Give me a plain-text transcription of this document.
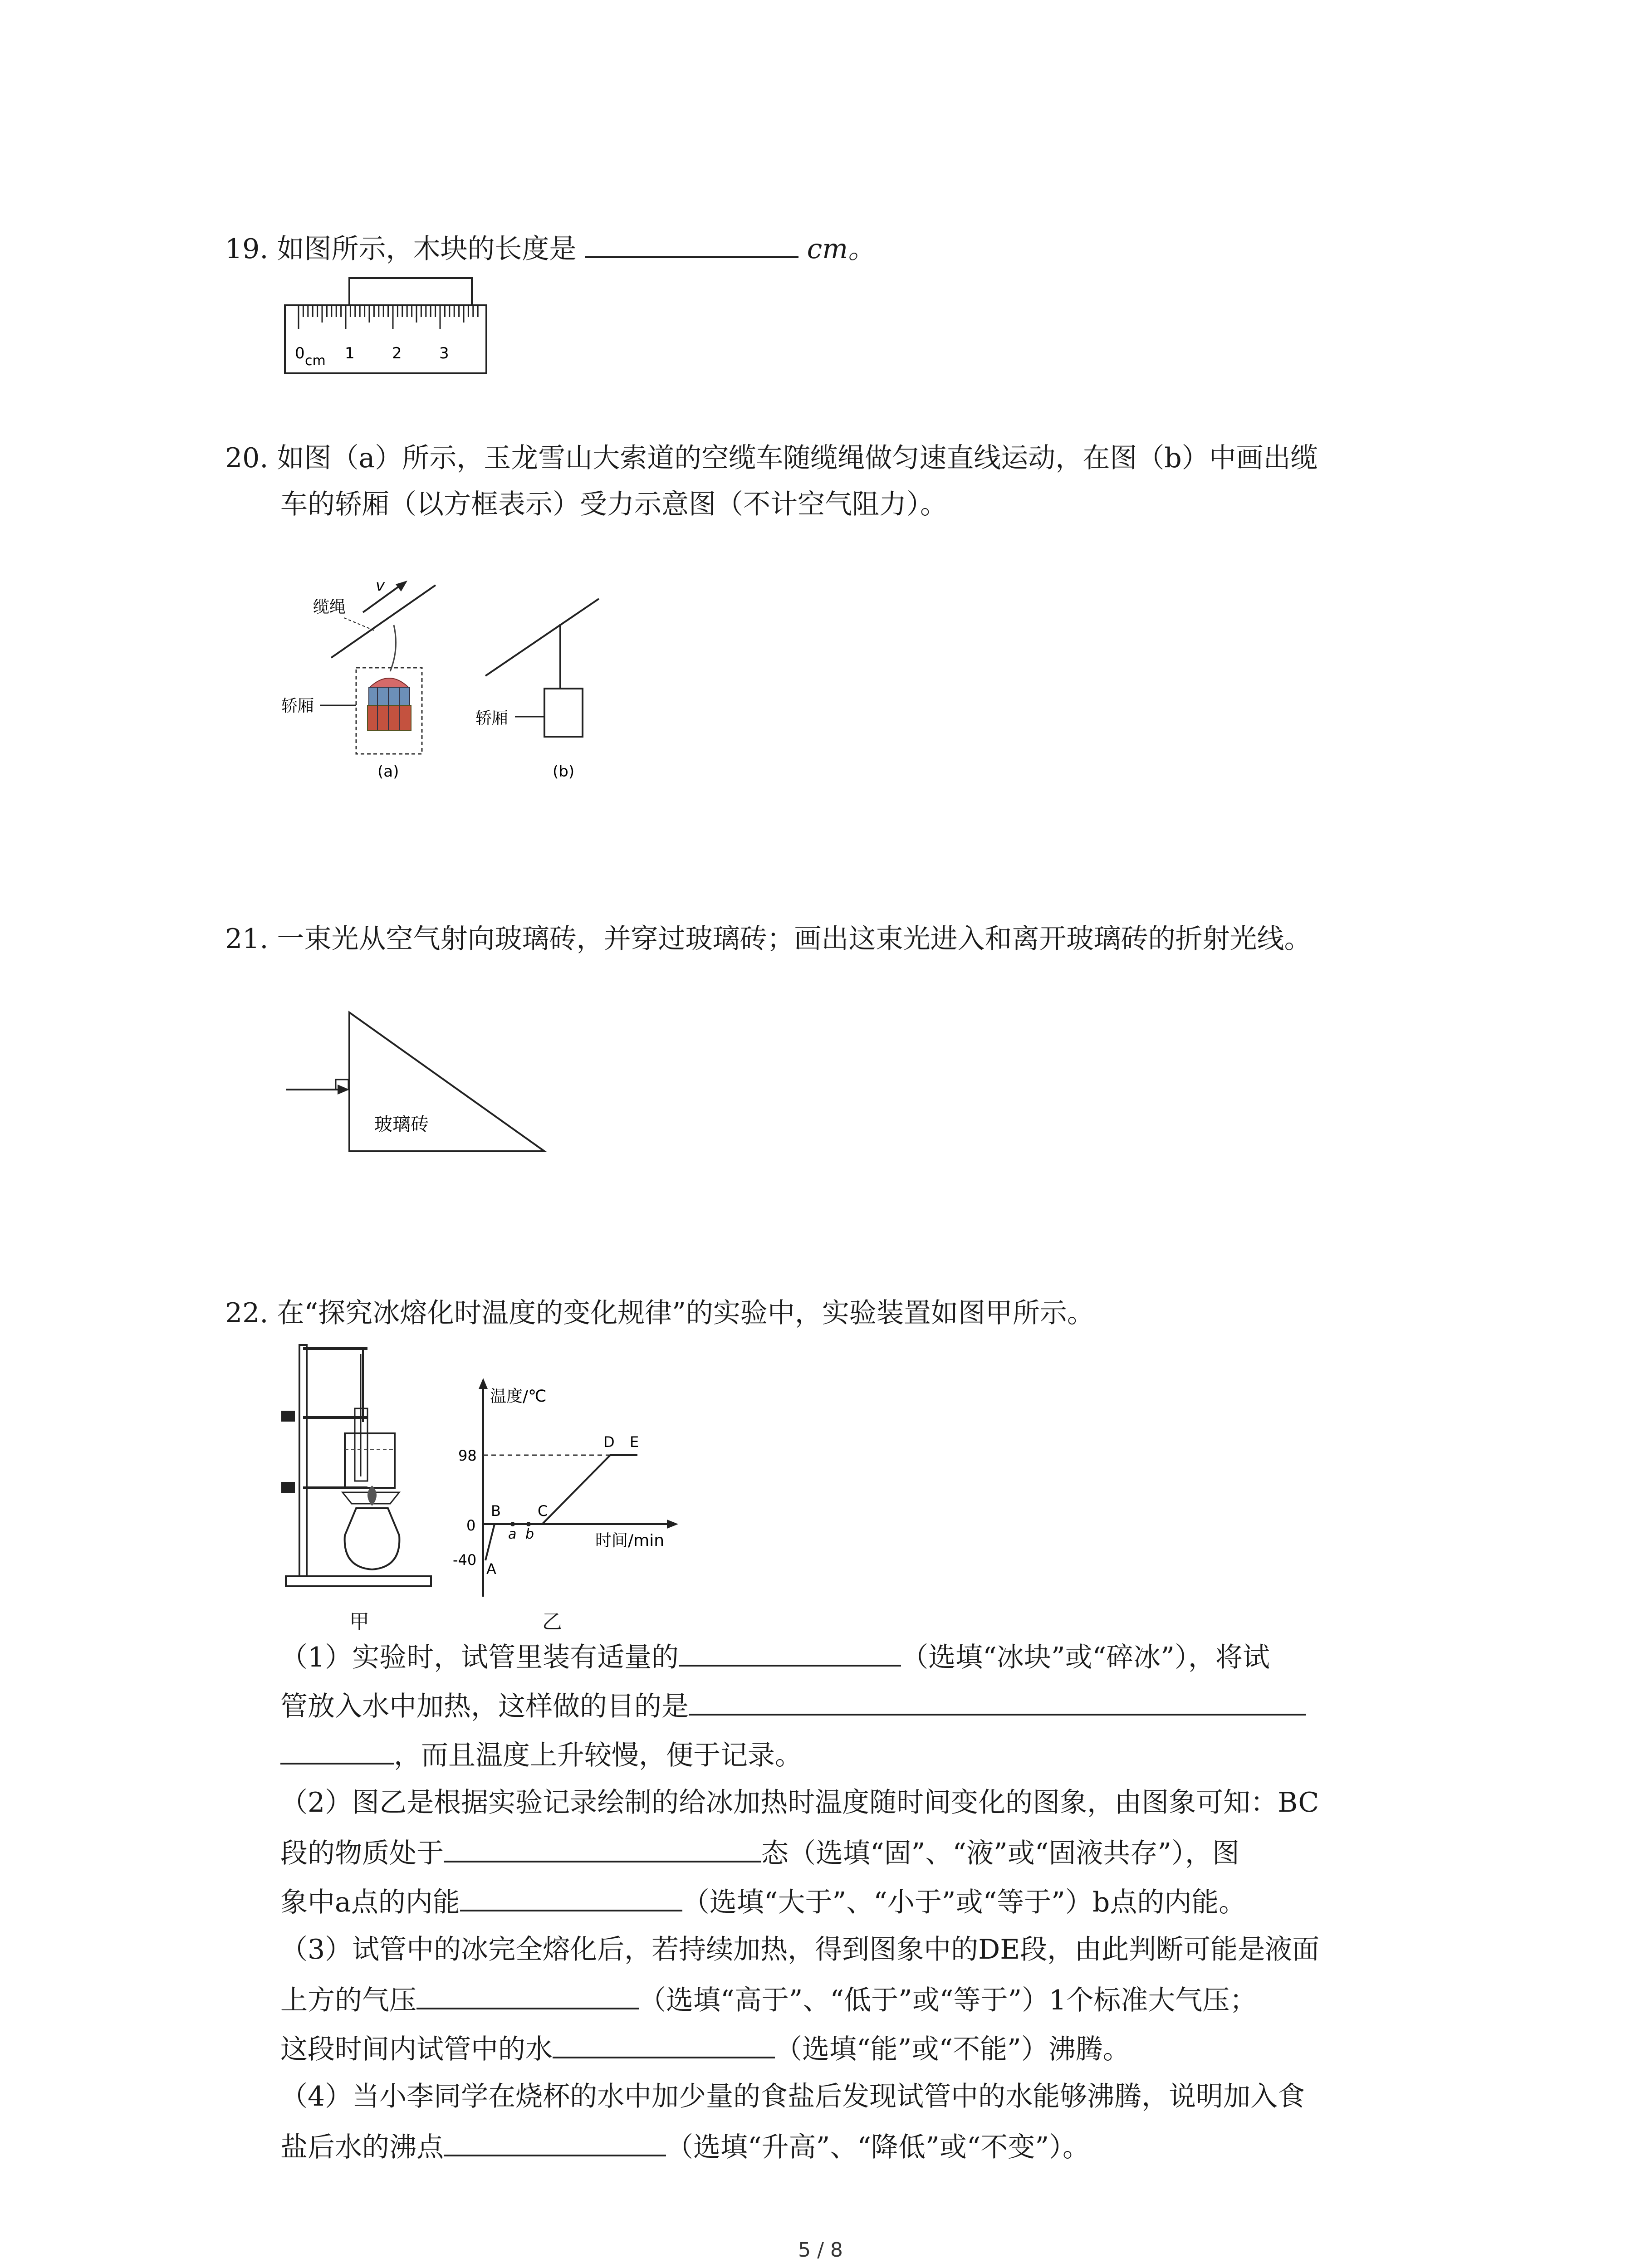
19. 如图所示，木块的长度是	cm。
0 cm 1 2 3
20. 如图（a）所示，玉龙雪山大索道的空缆车随缆绳做匀速直线运动，在图（b）中画出缆
车的轿厢（以方框表示）受力示意图（不计空气阻力）。
v
缆绳
轿厢
(a)
轿厢
(b)
21. 一束光从空气射向玻璃砖，并穿过玻璃砖；画出这束光进入和离开玻璃砖的折射光线。
玻璃砖
22. 在“探究冰熔化时温度的变化规律”的实验中，实验装置如图甲所示。
甲
温度/℃
时间/min
98
0
-40
A
B	C
D E
a b
乙
（1）实验时，试管里装有适量的	（选填“冰块”或“碎冰”），将试
管放入水中加热，这样做的目的是
，而且温度上升较慢，便于记录。
（2）图乙是根据实验记录绘制的给冰加热时温度随时间变化的图象，由图象可知：BC
段的物质处于	态（选填“固”、“液”或“固液共存”），图
象中a点的内能	（选填“大于”、“小于”或“等于”）b点的内能。
（3）试管中的冰完全熔化后，若持续加热，得到图象中的DE段，由此判断可能是液面
上方的气压	（选填“高于”、“低于”或“等于”）1个标准大气压；
这段时间内试管中的水	（选填“能”或“不能”）沸腾。
（4）当小李同学在烧杯的水中加少量的食盐后发现试管中的水能够沸腾，说明加入食
盐后水的沸点	（选填“升高”、“降低”或“不变”）。
5 / 8
